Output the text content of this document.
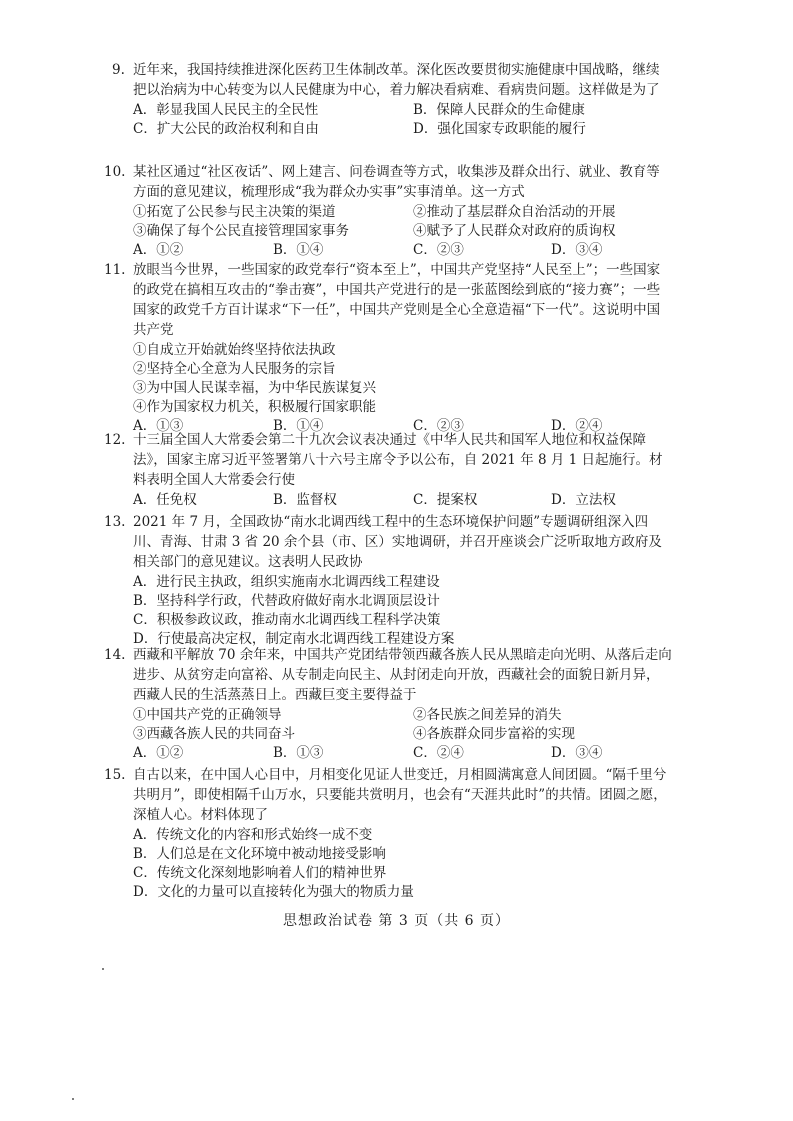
9. 近年来，我国持续推进深化医药卫生体制改革。深化医改要贯彻实施健康中国战略，继续把以治病为中心转变为以人民健康为中心，着力解决看病难、看病贵问题。这样做是为了
A．彰显我国人民民主的全民性	B．保障人民群众的生命健康
C．扩大公民的政治权利和自由	D．强化国家专政职能的履行
10. 某社区通过“社区夜话”、网上建言、问卷调查等方式，收集涉及群众出行、就业、教育等方面的意见建议，梳理形成“我为群众办实事”实事清单。这一方式
①拓宽了公民参与民主决策的渠道	②推动了基层群众自治活动的开展
③确保了每个公民直接管理国家事务	④赋予了人民群众对政府的质询权
A．①②	B．①④	C．②③	D．③④
11. 放眼当今世界，一些国家的政党奉行“资本至上”，中国共产党坚持“人民至上”；一些国家的政党在搞相互攻击的“拳击赛”，中国共产党进行的是一张蓝图绘到底的“接力赛”；一些国家的政党千方百计谋求“下一任”，中国共产党则是全心全意造福“下一代”。这说明中国共产党
①自成立开始就始终坚持依法执政
②坚持全心全意为人民服务的宗旨
③为中国人民谋幸福，为中华民族谋复兴
④作为国家权力机关，积极履行国家职能
A．①③	B．①④	C．②③	D．②④
12. 十三届全国人大常委会第二十九次会议表决通过《中华人民共和国军人地位和权益保障法》，国家主席习近平签署第八十六号主席令予以公布，自 2021 年 8 月 1 日起施行。材料表明全国人大常委会行使
A．任免权	B．监督权	C．提案权	D．立法权
13. 2021 年 7 月，全国政协“南水北调西线工程中的生态环境保护问题”专题调研组深入四川、青海、甘肃 3 省 20 余个县（市、区）实地调研，并召开座谈会广泛听取地方政府及相关部门的意见建议。这表明人民政协
A．进行民主执政，组织实施南水北调西线工程建设
B．坚持科学行政，代替政府做好南水北调顶层设计
C．积极参政议政，推动南水北调西线工程科学决策
D．行使最高决定权，制定南水北调西线工程建设方案
14. 西藏和平解放 70 余年来，中国共产党团结带领西藏各族人民从黑暗走向光明、从落后走向进步、从贫穷走向富裕、从专制走向民主、从封闭走向开放，西藏社会的面貌日新月异，西藏人民的生活蒸蒸日上。西藏巨变主要得益于
①中国共产党的正确领导	②各民族之间差异的消失
③西藏各族人民的共同奋斗	④各族群众同步富裕的实现
A．①②	B．①③	C．②④	D．③④
15. 自古以来，在中国人心目中，月相变化见证人世变迁，月相圆满寓意人间团圆。“隔千里兮共明月”，即使相隔千山万水，只要能共赏明月，也会有“天涯共此时”的共情。团圆之愿，深植人心。材料体现了
A．传统文化的内容和形式始终一成不变
B．人们总是在文化环境中被动地接受影响
C．传统文化深刻地影响着人们的精神世界
D．文化的力量可以直接转化为强大的物质力量
思想政治试卷 第 3 页（共 6 页）
